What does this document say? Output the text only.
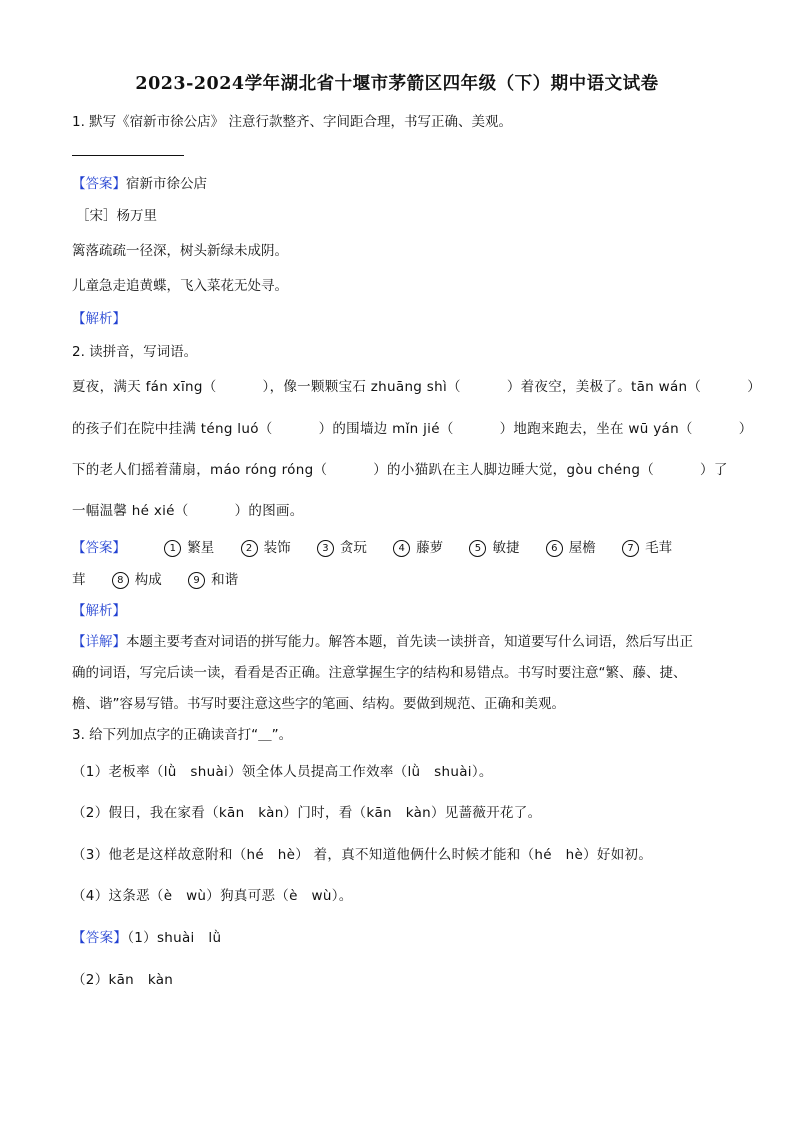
2023-2024学年湖北省十堰市茅箭区四年级（下）期中语文试卷
1. 默写《宿新市徐公店》 注意行款整齐、字间距合理，书写正确、美观。
【答案】宿新市徐公店
［宋］杨万里
篱落疏疏一径深，树头新绿未成阴。
儿童急走追黄蝶，飞入菜花无处寻。
【解析】
2. 读拼音，写词语。
夏夜，满天 fán xīng（	），像一颗颗宝石 zhuāng shì（	）着夜空，美极了。tān wán（	）
的孩子们在院中挂满 téng luó（	）的围墙边 mǐn jié（	）地跑来跑去，坐在 wū yán（	）
下的老人们摇着蒲扇，máo róng róng（	）的小猫趴在主人脚边睡大觉，gòu chéng（	）了
一幅温馨 hé xié（	）的图画。
【答案】	1 繁星	2 装饰	3 贪玩	4 藤萝	5 敏捷	6 屋檐	7 毛茸
茸	8 构成	9 和谐
【解析】
【详解】本题主要考查对词语的拼写能力。解答本题，首先读一读拼音，知道要写什么词语，然后写出正
确的词语，写完后读一读，看看是否正确。注意掌握生字的结构和易错点。书写时要注意“繁、藤、捷、
檐、谐”容易写错。书写时要注意这些字的笔画、结构。要做到规范、正确和美观。
3. 给下列加点字的正确读音打“＿”。
（1）老板率（lǜ　shuài）领全体人员提高工作效率（lǜ　shuài）。
（2）假日，我在家看（kān　kàn）门时，看（kān　kàn）见蔷薇开花了。
（3）他老是这样故意附和（hé　hè） 着，真不知道他俩什么时候才能和（hé　hè）好如初。
（4）这条恶（è　wù）狗真可恶（è　wù）。
【答案】（1）shuài　lǜ
（2）kān　kàn
